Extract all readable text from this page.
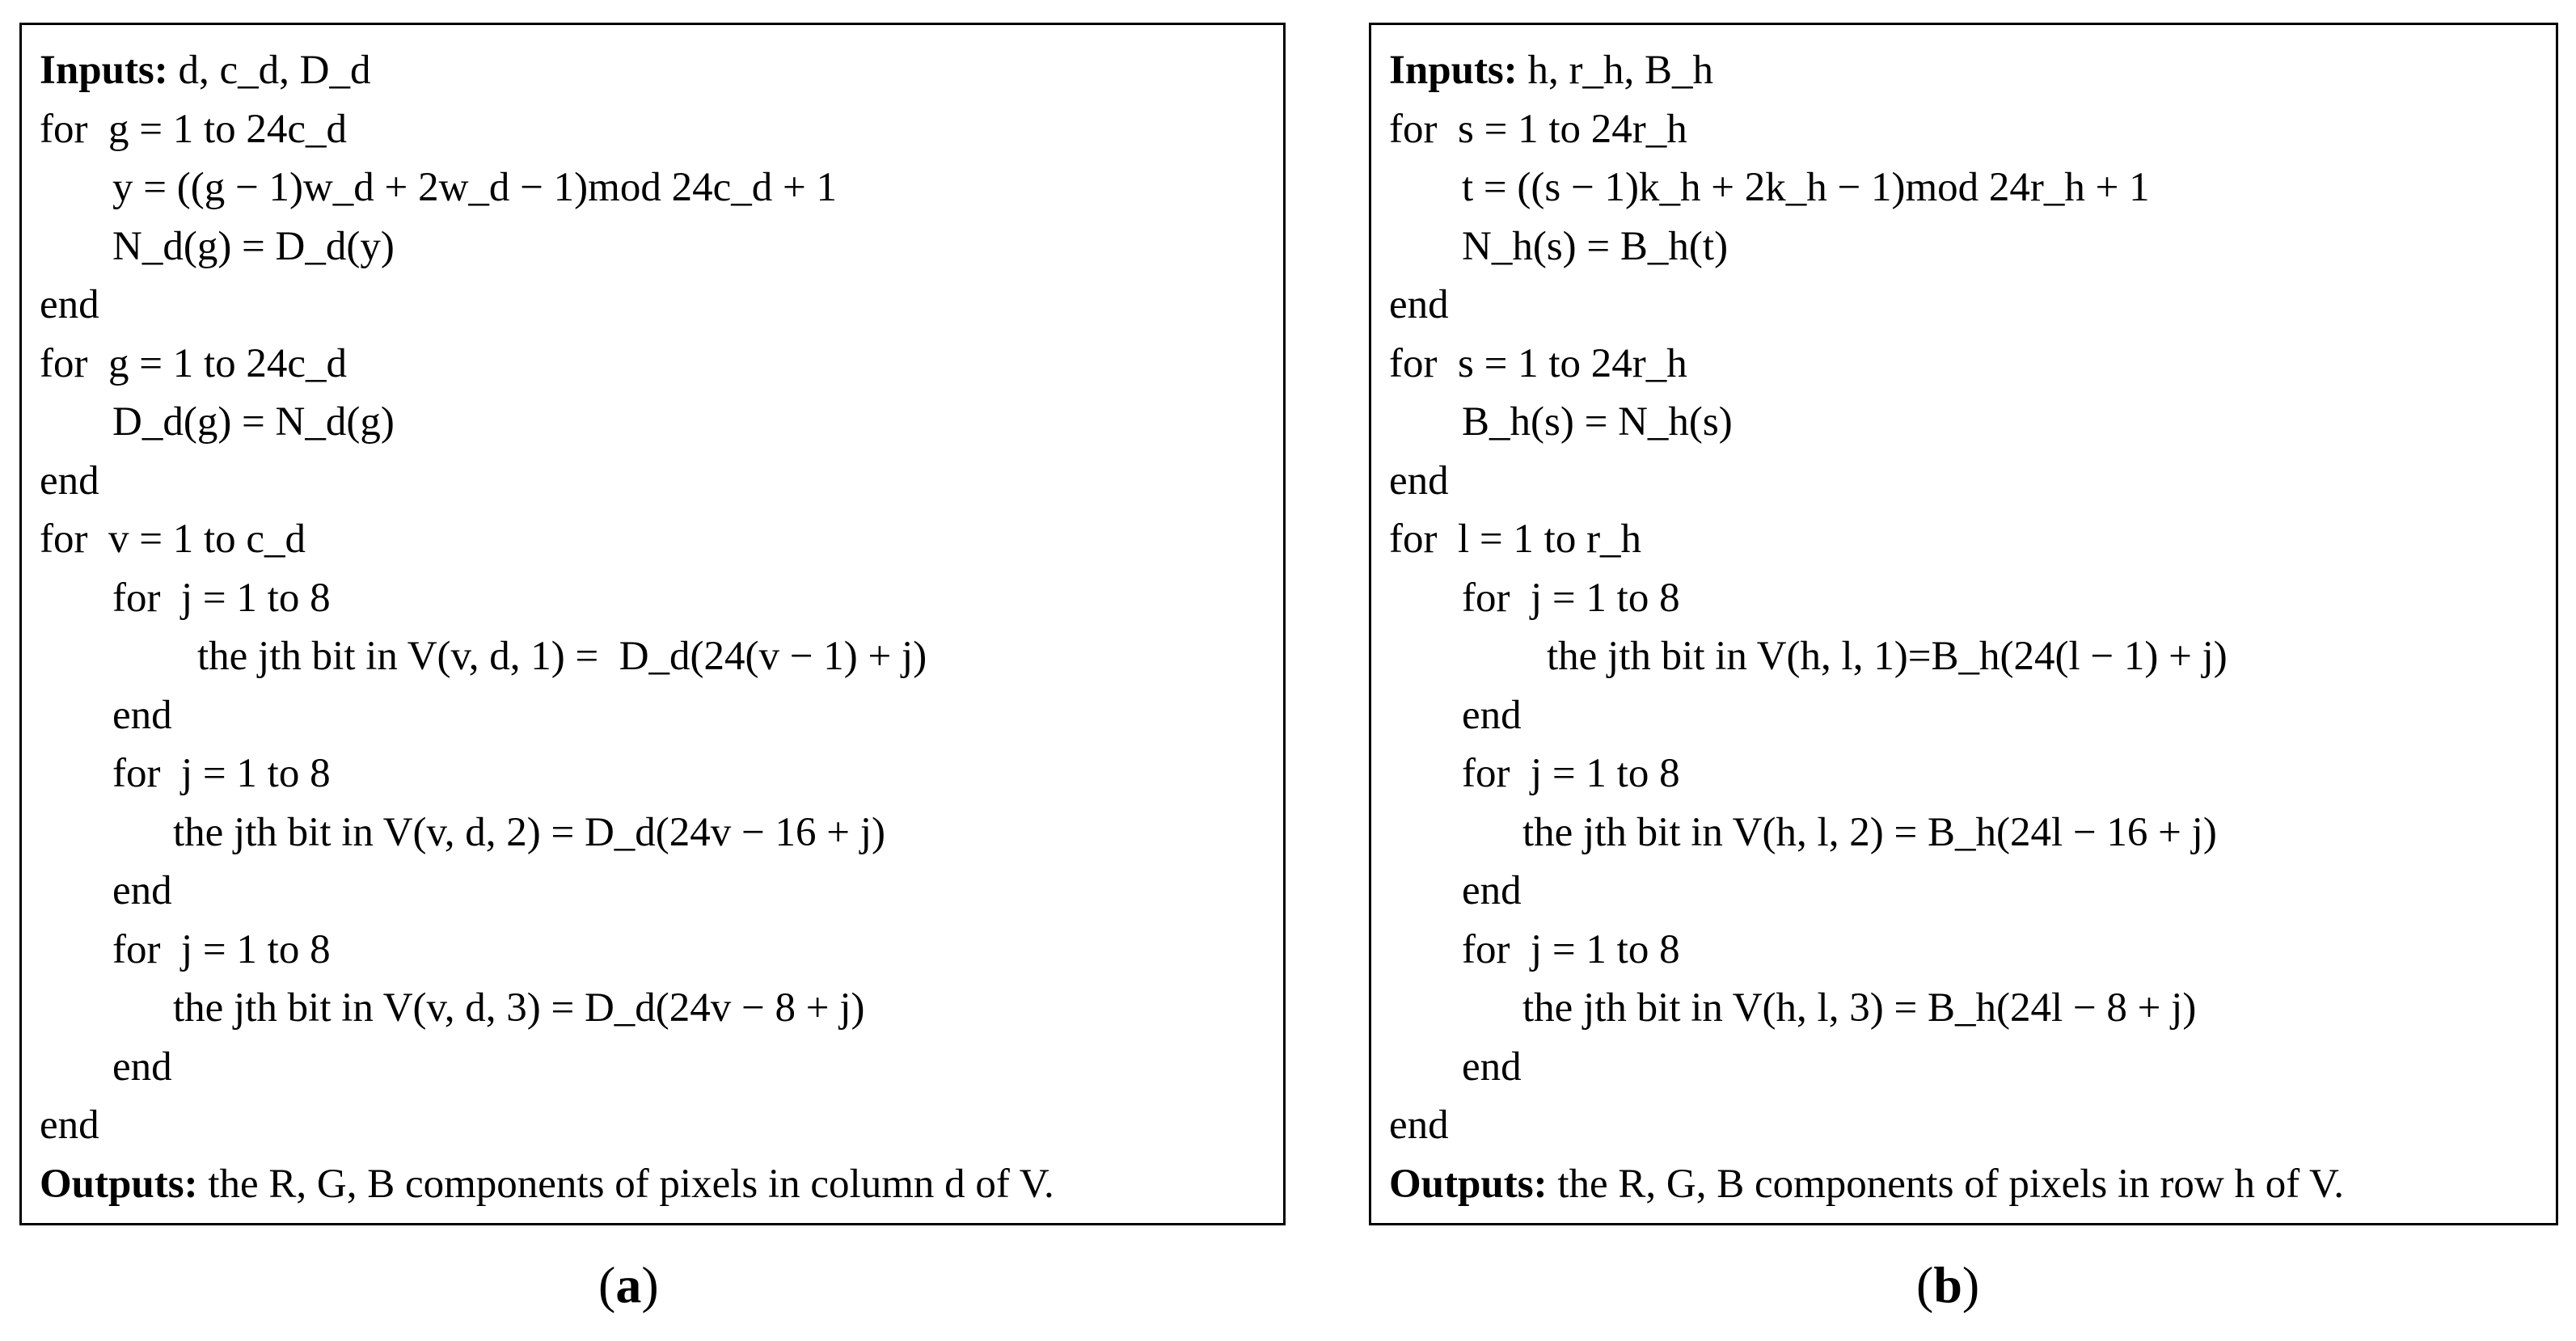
Inputs: d, c_d, D_d
for  g = 1 to 24c_d
y = ((g − 1)w_d + 2w_d − 1)mod 24c_d + 1
N_d(g) = D_d(y)
end
for  g = 1 to 24c_d
D_d(g) = N_d(g)
end
for  v = 1 to c_d
for  j = 1 to 8
the jth bit in V(v, d, 1) =  D_d(24(v − 1) + j)
end
for  j = 1 to 8
the jth bit in V(v, d, 2) = D_d(24v − 16 + j)
end
for  j = 1 to 8
the jth bit in V(v, d, 3) = D_d(24v − 8 + j)
end
end
Outputs: the R, G, B components of pixels in column d of V.
Inputs: h, r_h, B_h
for  s = 1 to 24r_h
t = ((s − 1)k_h + 2k_h − 1)mod 24r_h + 1
N_h(s) = B_h(t)
end
for  s = 1 to 24r_h
B_h(s) = N_h(s)
end
for  l = 1 to r_h
for  j = 1 to 8
the jth bit in V(h, l, 1)=B_h(24(l − 1) + j)
end
for  j = 1 to 8
the jth bit in V(h, l, 2) = B_h(24l − 16 + j)
end
for  j = 1 to 8
the jth bit in V(h, l, 3) = B_h(24l − 8 + j)
end
end
Outputs: the R, G, B components of pixels in row h of V.
(a)	(b)
